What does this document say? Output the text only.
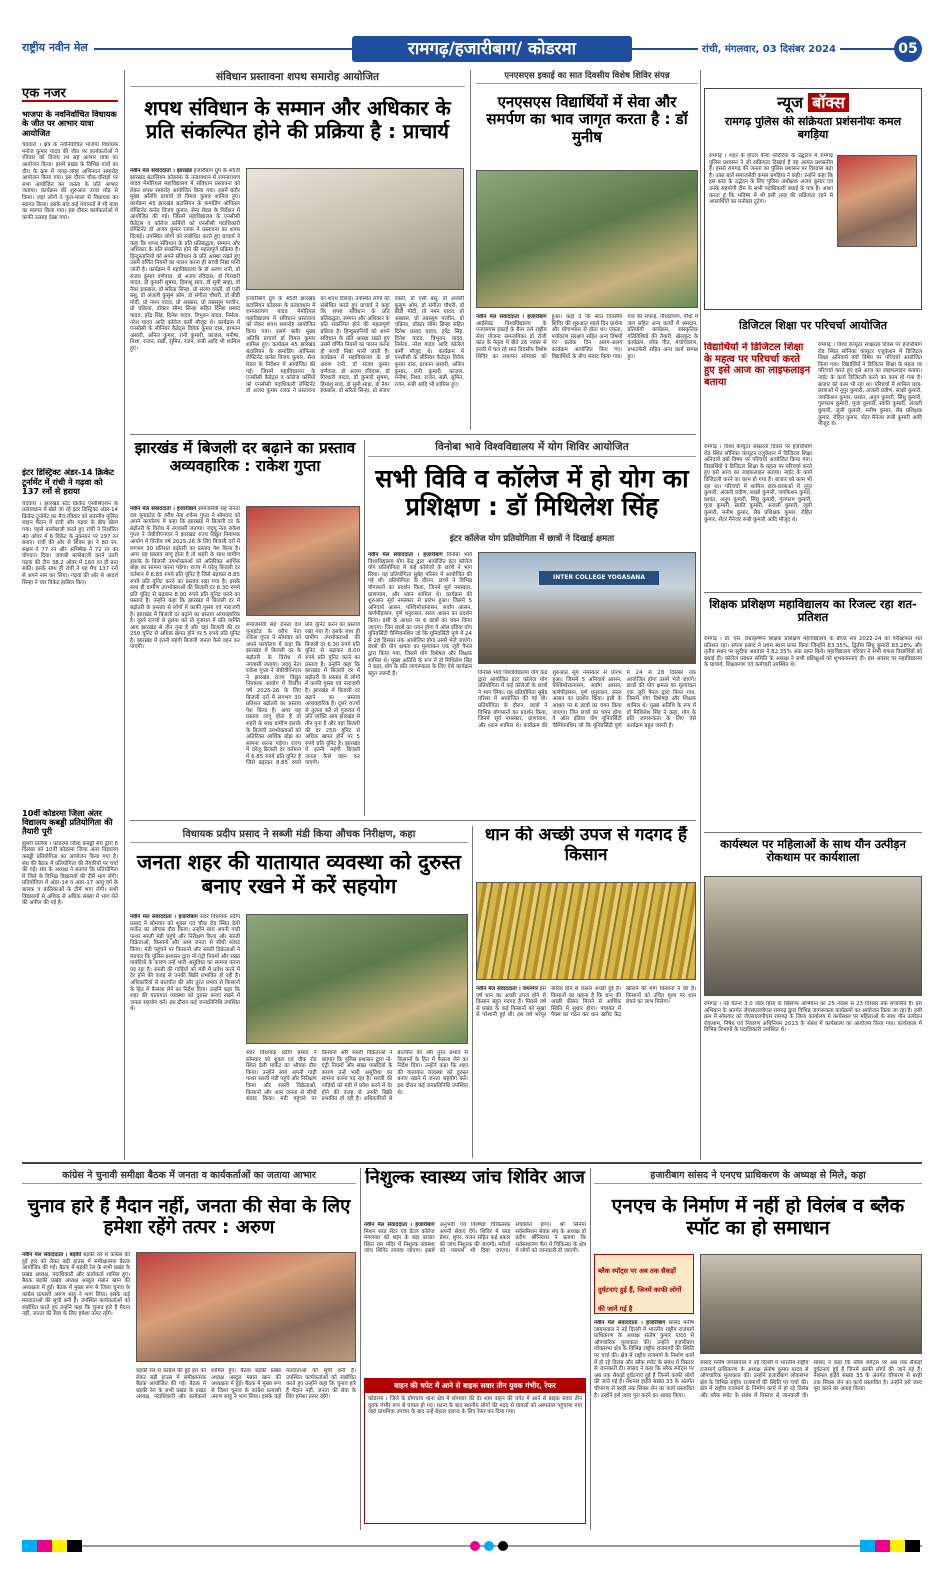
राष्ट्रीय नवीन मेल	रामगढ़/हजारीबाग/ कोडरमा	रांची, मंगलवार, 03 दिसंबर 2024	05
एक नजर
भाजपा के नवनिर्वाचित विधायक के जीत पर आभार यात्रा आयोजित
चंदवारा । क्षेत्र के नवनिर्वाचित भाजपा विधायक मनोज कुमार यादव की जीत पर कार्यकर्ताओं ने रविवार को विजय रथ सह आभार यात्रा का आयोजन किया। इसमें प्रखंड के विभिन्न गांवों का दौरा के क्रम में जगह-जगह अभिनंदन समारोह आयोजन किया गया। इस दौरान चौक-चौराहों पर सभा आयोजित कर जनता के प्रति आभार जताया। कार्यक्रम की शुरुआत उरवां मोड़ से किया। जहां लोगों ने फूल-माला से विधायक का स्वागत किया। इसके बाद कई पंचायतों में भी यात्रा का स्वागत किया गया। इस दौरान कार्यकर्ताओं में काफी उत्साह देखा गया।
इंटर डिस्ट्रिक्ट अंडर-14 क्रिकेट टूर्नामेंट में रांची ने गढ़वा को 137 रनों से हराया
चंदवारा । झारखंड स्टेट क्रिकेट एसोसिएशन के तत्वावधान में खेले जा रहे इंटर डिस्ट्रिक्ट अंडर-14 क्रिकेट टूर्नामेंट का मैच रविवार को सवानीय पुलिस लाइन मैदान में रांची और गढ़वा के बीच खेला गया। पहले बल्लेबाजी करते हुए रांची ने निर्धारित 40 ओवर में 6 विकेट के नुकसान पर 297 रन बनाए। रांची की ओर से शिवम झा ने 80 रन, सक्षम ने 77 रन और अभिषेक ने 72 रन का योगदान दिया। जवाबी बल्लेबाजी करने उतरी गढ़वा की टीम 38.2 ओवर में 160 रन ही बना सकी। इसके साथ ही रांची ने यह मैच 137 रनों से अपने नाम कर लिया। गढ़वा की ओर से आदर्श सिन्हा ने चार विकेट हासिल किए।
10वीं कोडरमा जिला अंतर विद्यालय कबड्डी प्रतियोगिता की तैयारी पूरी
झुमरी तिलैया । कोडरमा जिला कबड्डी संघ द्वारा 6 दिसंबर को 10वीं कोडरमा जिला अंतर विद्यालय कबड्डी प्रतियोगिता का आयोजन किया गया है। संघ की बैठक में प्रतियोगिता की तैयारियों पर चर्चा की गई। संघ के अध्यक्ष ने बताया कि प्रतियोगिता में जिले के विभिन्न विद्यालयों की टीमें भाग लेंगी। प्रतियोगिता में अंडर-14 व अंडर-17 आयु वर्ग के बालक व बालिकाओं के टीमें भाग लेंगी। सभी विद्यालयों से अधिक से अधिक संख्या में भाग लेने की अपील की गई है।
संविधान प्रस्तावना शपथ समारोह आयोजित
शपथ संविधान के सम्मान और अधिकार के प्रति संकल्पित होने की प्रक्रिया है : प्राचार्य
नवीन मेल संवाददाता । झारखंड हजारीबाग ग्रुप के 45वीं झारखंड बटालियन कोडरमा के तत्वावधान में रामनारायण यादव मेमोरियल महाविद्यालय में संविधान प्रस्तावना को लेकर शपथ समारोह आयोजित किया गया। इसमें बतौर मुख्य अतिथि प्राचार्य डॉ विमल कुमार शामिल हुए। कार्यक्रम 45 झारखंड बटालियन के कमांडिंग ऑफिसर लेफ्टिनेंट कर्नल विजय कुमार, सेना मेडल के निर्देशन में आयोजित की गई। जिसमें महाविद्यालय के एनसीसी कैडेट्स व कॉलेज कर्मियों को एनसीसी पदाधिकारी लेफ्टिनेंट डॉ अजय कुमार रजक ने प्रस्तावना का शपथ दिलाई। उपस्थित लोगों को संबोधित करते हुए प्राचार्य ने कहा कि शपथ संविधान के प्रति प्रतिबद्धता, सम्मान और अधिकार के प्रति संकल्पित होने की महत्वपूर्ण प्रक्रिया है। हिन्दुस्तानियों को अपने संविधान के प्रति आस्था रखते हुए उसमें वर्णित नियमों का पालन करना ही सच्ची निष्ठा मानी जाती है। कार्यक्रम में महाविद्यालय के डॉ अरुण रानी, डॉ संजय कुमार वर्णवाल, डॉ अजय रविदास, डॉ गिरधारी यादव, डॉ कुमारी सुषमा, हिमांशु साव, डॉ सुमी साहा, डॉ नैयर इकबाल, डॉ सरिता सिन्हा, प्रो संजय वक्ती, डॉ एसी बसु, डॉ अंजली कुसुम ओम, डॉ संगीता चौधरी, डॉ बीडी मोदी, प्रो नमन यादव, प्रो अब्बास, प्रो तबस्सुम परवीन, प्रो चक्रिया, डॉक्टर सीमा सिन्हा सहित दिनेश प्रसाद यादव, हरेंद्र सिंह, दिनेश यादव, त्रिभुवन यादव, निर्मला, नरेश यादव आदि कॉलेज कर्मी मौजूद थे। कार्यक्रम में एनसीसी के सीनियर कैडेट्स विवेक कुमार दास, इरफान अंसारी, अनिल कुमार, रानी कुमारी, काजल, मनीषा, निशा, राजन, सन्नी, सुमित, रंजन, रूबी आदि भी शामिल हुए।
हजारीबाग ग्रुप के 45वीं झारखंड बटालियन कोडरमा के तत्वावधान में रामनारायण यादव मेमोरियल महाविद्यालय में संविधान प्रस्तावना को लेकर शपथ समारोह आयोजित किया गया। इसमें बतौर मुख्य अतिथि प्राचार्य डॉ विमल कुमार शामिल हुए। कार्यक्रम 45 झारखंड बटालियन के कमांडिंग ऑफिसर लेफ्टिनेंट कर्नल विजय कुमार, सेना मेडल के निर्देशन में आयोजित की गई। जिसमें महाविद्यालय के एनसीसी कैडेट्स व कॉलेज कर्मियों को एनसीसी पदाधिकारी लेफ्टिनेंट डॉ अजय कुमार रजक ने प्रस्तावना का शपथ दिलाई। उपस्थित लोगों को संबोधित करते हुए प्राचार्य ने कहा कि शपथ संविधान के प्रति प्रतिबद्धता, सम्मान और अधिकार के प्रति संकल्पित होने की महत्वपूर्ण प्रक्रिया है। हिन्दुस्तानियों को अपने संविधान के प्रति आस्था रखते हुए उसमें वर्णित नियमों का पालन करना ही सच्ची निष्ठा मानी जाती है। कार्यक्रम में महाविद्यालय के डॉ अरुण रानी, डॉ संजय कुमार वर्णवाल, डॉ अजय रविदास, डॉ गिरधारी यादव, डॉ कुमारी सुषमा, हिमांशु साव, डॉ सुमी साहा, डॉ नैयर इकबाल, डॉ सरिता सिन्हा, प्रो संजय वक्ती, डॉ एसी बसु, डॉ अंजली कुसुम ओम, डॉ संगीता चौधरी, डॉ बीडी मोदी, प्रो नमन यादव, प्रो अब्बास, प्रो तबस्सुम परवीन, प्रो चक्रिया, डॉक्टर सीमा सिन्हा सहित दिनेश प्रसाद यादव, हरेंद्र सिंह, दिनेश यादव, त्रिभुवन यादव, निर्मला, नरेश यादव आदि कॉलेज कर्मी मौजूद थे। कार्यक्रम में एनसीसी के सीनियर कैडेट्स विवेक कुमार दास, इरफान अंसारी, अनिल कुमार, रानी कुमारी, काजल, मनीषा, निशा, राजन, सन्नी, सुमित, रंजन, रूबी आदि भी शामिल हुए।
एनएसएस इकाई का सात दिवसीय विशेष शिविर संपन्न
एनएसएस विद्यार्थियों में सेवा और समर्पण का भाव जागृत करता है : डॉ मुनीष
नवीन मेल संवाददाता । हजारीबाग आईसेक्ट विश्वविद्यालय के एनएसएस इकाई के बैनर तले राष्ट्रीय सेवा योजना समन्वयिका डॉ रोजी कांत के नेतृत्व में बीते 26 नवंबर से हरली में चल रहे सात दिवसीय विशेष शिविर का समापन सोमवार को हुआ। कहा दें कि सात दिवसीय शिविर की शुरुआत पहले दिन प्रार्थना और योगाभ्यास से होता था। एकता, पर्यावरण संरक्षण सहित अन्य विषयों पर प्रत्येक दिन अलग-अलग कार्यक्रम आयोजित किए गए। विद्यार्थियों के बीच संवाद किया गया। गांव की सफाई, पौधारोपण, पौधों में जल सहित अन्य कार्यों में श्रमदान, प्रतियोगी कार्यक्रम, सांस्कृतिक गतिविधियों की तैयारी, खेलकूद के कार्यक्रम, लोक गीत, मंचोच्चारण, प्रभातफेरी सहित अन्य कार्य सम्पन्न हुए।
न्यूज बॉक्स
रामगढ़ पुलिस की सक्रियता प्रशंसनीयः कमल बगड़िया
रामगढ़ । शहर के होटल वेन्या प्लेटेरिया के उद्घाटन में रामगढ़ पुलिस प्रशासन ने जो सक्रियता दिखाई है वह अत्यंत प्रशंसनीय है। इससे रामगढ़ की जनता का पुलिस प्रशासन पर विश्वास बढ़ा है। उक्त बातें समाजसेवी कमल बगड़िया ने कही। उन्होंने कहा कि इस कांड के उद्भेदन के लिए पुलिस अधीक्षक अजय कुमार एवं उनके सहयोगी टीम के सभी पदाधिकारी बधाई के पात्र हैं। आशा करता हूं कि भविष्य में भी इसी तरह की सक्रियता रहने से अपराधियों का मनोबल टूटेगा।
डिजिटल शिक्षा पर परिचर्चा आयोजित
विद्यार्थियों ने डिजिटल शिक्षा के महत्व पर परिचर्चा करते हुए इसे आज का लाइफलाइन बताया
रामगढ़ । विश्व कंप्यूटर साक्षरता दिवस पर हजारीबाग रोड स्थित सोनिका कंप्यूटर एजुकेशन में डिजिटल शिक्षा अनिवार्य क्यों विषय पर परिचर्चा आयोजित किया गया। विद्यार्थियों ने डिजिटल शिक्षा के महत्व पर परिचर्चा करते हुए इसे आज का लाइफलाइन बताया। नाईट के कार्य डिजिटली करने का काम हो गया है। बाजार को काम भी रहा था। परिचर्चा में शामिल छात्र-छात्राओं में नूपुर कुमारी, अंजली प्रवीण, साक्षी कुमारी, जयकिशन कुमार, प्रशांत, अनूप कुमारी, सिंधु कुमारी, गुलफाम कुमारी, पूजा कुमारी, स्वाति कुमारी, अंजली कुमारी, जूली कुमारी, मनीष कुमार, लैब प्रशिक्षक कुमार, रोहित कुमार, सेंटर मैनेजर रूबी कुमारी आदि मौजूद थे।
रामगढ़ । विश्व कंप्यूटर साक्षरता दिवस पर हजारीबाग रोड स्थित सोनिका कंप्यूटर एजुकेशन में डिजिटल शिक्षा अनिवार्य क्यों विषय पर परिचर्चा आयोजित किया गया। विद्यार्थियों ने डिजिटल शिक्षा के महत्व पर परिचर्चा करते हुए इसे आज का लाइफलाइन बताया। नाईट के कार्य डिजिटली करने का काम हो गया है। बाजार को काम भी रहा था। परिचर्चा में शामिल छात्र-छात्राओं में नूपुर कुमारी, अंजली प्रवीण, साक्षी कुमारी, जयकिशन कुमार, प्रशांत, अनूप कुमारी, सिंधु कुमारी, गुलफाम कुमारी, पूजा कुमारी, स्वाति कुमारी, अंजली कुमारी, जूली कुमारी, मनीष कुमार, लैब प्रशिक्षक कुमार, रोहित कुमार, सेंटर मैनेजर रूबी कुमारी आदि मौजूद थे।
शिक्षक प्रशिक्षण महाविद्यालय का रिजल्ट रहा शत-प्रतिशत
रामगढ़ । डॉ. एस. राधाकृष्णन शिक्षक प्रशिक्षण महाविद्यालय के बीएड सत्र 2022-24 का परीक्षाफल शत प्रतिशत रहा। सपना प्रसाद ने प्रथम स्थान प्राप्त किया जिन्होंने 83.35%, द्वितीय सिंधु कुमारी 83.28% और तृतीय स्थान पर सुदीपा अग्रवाल ने 82.35% अंक प्राप्त किये। महाविद्यालय परिवार ने सभी सफल विद्यार्थियों को बधाई दी। कॉलेज प्रबंधन समिति के अध्यक्ष ने सभी प्रशिक्षुओं को शुभकामनाएं दी। इस अवसर पर महाविद्यालय के प्राचार्य, शिक्षकगण एवं कर्मचारी उपस्थित थे।
कार्यस्थल पर महिलाओं के साथ यौन उत्पीड़न रोकथाम पर कार्यशाला
रामगढ़ । नई चेतना 3.0 जेंडर हिंसा के खिलाफ अभियान का 25 नवंबर से 23 दिसंबर तक संचालित है। इस अभियान के अंतर्गत जेएसएलपीएस रामगढ़ द्वारा विभिन्न जागरूकता कार्यक्रमों का आयोजन किया जा रहा है। इसी क्रम में सोमवार को जेएसएलपीएस रामगढ़ के जिला कार्यालय में कार्यस्थल पर महिलाओं के साथ यौन उत्पीड़न रोकथाम, निषेध एवं निवारण अधिनियम 2013 के संबंध में कार्यशाला का आयोजन किया गया। कार्यशाला में विभिन्न विभागों के पदाधिकारी उपस्थित थे।
झारखंड में बिजली दर बढ़ाने का प्रस्ताव अव्यवहारिक : राकेश गुप्ता
नवीन मेल संवाददाता । हजारीबाग समाजसेवी सह जनता दल यूनाइटेड के वरीय नेता राकेश गुप्ता ने सोमवार को अपने कार्यालय में कहा कि झारखंड में बिजली दर के बढ़ोतरी के विरोध में नगवासी जताया। जदयू नेता राकेश गुप्ता ने जेबीवीएनएल ने झारखंड राज्य विद्युत नियामक आयोग में वित्तीय वर्ष 2025-26 के लिए बिजली दरों में लगभग 30 प्रतिशत बढ़ोतरी का प्रस्ताव पेश किया है। अगर यह प्रस्ताव लागू होता है तो शहरी के साथ ग्रामीण इलाके के बिजली उपभोक्ताओं को अतिरिक्त आर्थिक बोझ का सामना करना पड़ेगा। राज्य में घरेलू बिजली दर वर्तमान में 6.85 रुपये प्रति यूनिट है जिसे बढ़ाकर 8.85 रुपये प्रति यूनिट करने का प्रस्ताव रखा गया है। इसके साथ ही ग्रामीण उपभोक्ताओं की बिजली दर 6.30 रुपये प्रति यूनिट से बढ़ाकर 8.00 रुपये प्रति यूनिट करने का प्रस्ताव है। उन्होंने कहा कि झारखंड में बिजली दर में बढ़ोतरी के प्रस्ताव से लोगों में काफी गुस्सा एवं नाराजगी है। झारखंड में बिजली दर बढ़ाने का प्रस्ताव अव्यवहारिक है। दूसरे राज्यों से तुलना करें तो गुजरात में प्रति व्यक्ति आय झारखंड से तीन गुना है और वहां बिजली की दर 250 यूनिट से अधिक खपत होने पर 5 रुपये प्रति यूनिट है। झारखंड में इतनी महंगी बिजली जनता कैसे वहन कर पाएगी।
समाजसेवी सह जनता दल यूनाइटेड के वरीय नेता राकेश गुप्ता ने सोमवार को अपने कार्यालय में कहा कि झारखंड में बिजली दर के बढ़ोतरी के विरोध में नगवासी जताया। जदयू नेता राकेश गुप्ता ने जेबीवीएनएल ने झारखंड राज्य विद्युत नियामक आयोग में वित्तीय वर्ष 2025-26 के लिए बिजली दरों में लगभग 30 प्रतिशत बढ़ोतरी का प्रस्ताव पेश किया है। अगर यह प्रस्ताव लागू होता है तो शहरी के साथ ग्रामीण इलाके के बिजली उपभोक्ताओं को अतिरिक्त आर्थिक बोझ का सामना करना पड़ेगा। राज्य में घरेलू बिजली दर वर्तमान में 6.85 रुपये प्रति यूनिट है जिसे बढ़ाकर 8.85 रुपये प्रति यूनिट करने का प्रस्ताव रखा गया है। इसके साथ ही ग्रामीण उपभोक्ताओं की बिजली दर 6.30 रुपये प्रति यूनिट से बढ़ाकर 8.00 रुपये प्रति यूनिट करने का प्रस्ताव है। उन्होंने कहा कि झारखंड में बिजली दर में बढ़ोतरी के प्रस्ताव से लोगों में काफी गुस्सा एवं नाराजगी है। झारखंड में बिजली दर बढ़ाने का प्रस्ताव अव्यवहारिक है। दूसरे राज्यों से तुलना करें तो गुजरात में प्रति व्यक्ति आय झारखंड से तीन गुना है और वहां बिजली की दर 250 यूनिट से अधिक खपत होने पर 5 रुपये प्रति यूनिट है। झारखंड में इतनी महंगी बिजली जनता कैसे वहन कर पाएगी।
विनोबा भावे विश्वविद्यालय में योग शिविर आयोजित
सभी विवि व कॉलेज में हो योग का प्रशिक्षण : डॉ मिथिलेश सिंह
इंटर कॉलेज योग प्रतियोगिता में छात्रों ने दिखाई क्षमता
नवीन मेल संवाददाता । हजारीबाग विनोबा भावे विश्वविद्यालय योग केंद्र द्वारा आयोजित इंटर कॉलेज योग प्रतियोगिता में कई कॉलेजों के छात्रों ने भाग लिया। यह प्रतियोगिता सुबेह परिसर में आयोजित की गई थी। प्रतियोगिता के दौरान, छात्रों ने विभिन्न योगासनों का प्रदर्शन किया, जिनमें सूर्य नमस्कार, प्राणायाम, और ध्यान शामिल थे। कार्यक्रम की शुरुआत सूर्य नमस्कार से प्रारंभ हुआ। जिसमें 5 अनिवार्य आसन, पश्चिमोत्तानासन, सर्वांग आसन, कर्णपीड़ासन, पूर्ण धनुरासन, सरल आसन का प्रदर्शन किया। इसी के आधार पर 6 छात्रों का चयन किया जाएगा। जिन छात्रों का चयन होगा वे ऑल इंडिया योग यूनिवर्सिटी चैम्पियनशिप जो कि यूनिवर्सिटी पुणे में 24 से 28 दिसंबर तक आयोजित होगा उसमें भेजे जाएंगे। छात्रों की योग क्षमता का मूल्यांकन एक जूरी पैनल द्वारा किया गया, जिसमें योग विशेषज्ञ और शिक्षक शामिल थे। मुख्य अतिथि के रूप में डॉ मिथिलेश सिंह ने कहा, योग के प्रति जागरूकता के लिए ऐसे कार्यक्रम बहुत जरूरी हैं।
INTER COLLEGE YOGASANA
विनोबा भावे विश्वविद्यालय योग केंद्र द्वारा आयोजित इंटर कॉलेज योग प्रतियोगिता में कई कॉलेजों के छात्रों ने भाग लिया। यह प्रतियोगिता सुबेह परिसर में आयोजित की गई थी। प्रतियोगिता के दौरान, छात्रों ने विभिन्न योगासनों का प्रदर्शन किया, जिनमें सूर्य नमस्कार, प्राणायाम, और ध्यान शामिल थे। कार्यक्रम की शुरुआत सूर्य नमस्कार से प्रारंभ हुआ। जिसमें 5 अनिवार्य आसन, पश्चिमोत्तानासन, सर्वांग आसन, कर्णपीड़ासन, पूर्ण धनुरासन, सरल आसन का प्रदर्शन किया। इसी के आधार पर 6 छात्रों का चयन किया जाएगा। जिन छात्रों का चयन होगा वे ऑल इंडिया योग यूनिवर्सिटी चैम्पियनशिप जो कि यूनिवर्सिटी पुणे में 24 से 28 दिसंबर तक आयोजित होगा उसमें भेजे जाएंगे। छात्रों की योग क्षमता का मूल्यांकन एक जूरी पैनल द्वारा किया गया, जिसमें योग विशेषज्ञ और शिक्षक शामिल थे। मुख्य अतिथि के रूप में डॉ मिथिलेश सिंह ने कहा, योग के प्रति जागरूकता के लिए ऐसे कार्यक्रम बहुत जरूरी हैं।
विधायक प्रदीप प्रसाद ने सब्जी मंडी किया औचक निरीक्षण, कहा
जनता शहर की यातायात व्यवस्था को दुरुस्त बनाए रखने में करें सहयोग
नवीन मेल संवाददाता । हजारीबाग सदर विधायक प्रदीप प्रसाद ने सोमवार को शुक्ल एवं चौक रोड स्थित डेली मार्केट का औचक दौरा किया। उन्होंने स्वयं अपनी गाड़ी पत्थर सब्जी मंडी पहुंचे और निरीक्षण किया और सब्जी विक्रेताओं, किसानों और आम जनता से सीधी संवाद किया। मंडी पहुंचने पर किसानों और सब्जी विक्रेताओं ने ब्यापार कि पुलिस प्रशासन द्वारा नो-एंट्री नियमों और सख्त पाबंदियों के कारण उन्हें भारी असुविधा का सामना करना पड़ रहा है। सब्जी की गाड़ियों को मंडी में प्रवेश करने में देर होने की वजह से उनकी बिक्री प्रभावित हो रही है। अधिकारियों से बातचीत की और तुरंत प्रभाव से किसानों के हित में फैसला लेने का निर्देश दिया। उन्होंने कहा कि शहर की यातायात व्यवस्था को दुरुस्त बनाए रखने में जनता सहयोग करें। इस दौरान कई जनप्रतिनिधि उपस्थित थे।
सदर विधायक प्रदीप प्रसाद ने सोमवार को शुक्ल एवं चौक रोड स्थित डेली मार्केट का औचक दौरा किया। उन्होंने स्वयं अपनी गाड़ी पत्थर सब्जी मंडी पहुंचे और निरीक्षण किया और सब्जी विक्रेताओं, किसानों और आम जनता से सीधी संवाद किया। मंडी पहुंचने पर किसानों और सब्जी विक्रेताओं ने ब्यापार कि पुलिस प्रशासन द्वारा नो-एंट्री नियमों और सख्त पाबंदियों के कारण उन्हें भारी असुविधा का सामना करना पड़ रहा है। सब्जी की गाड़ियों को मंडी में प्रवेश करने में देर होने की वजह से उनकी बिक्री प्रभावित हो रही है। अधिकारियों से बातचीत की और तुरंत प्रभाव से किसानों के हित में फैसला लेने का निर्देश दिया। उन्होंने कहा कि शहर की यातायात व्यवस्था को दुरुस्त बनाए रखने में जनता सहयोग करें। इस दौरान कई जनप्रतिनिधि उपस्थित थे।
धान की अच्छी उपज से गदगद हैं किसान
नवीन मेल संवाददाता । जयनगर इस वर्ष धान का अच्छी उपज होने से किसान बहुत गदगद हैं। पिछले वर्ष से प्रखंड के कई किसानों को सूखा से परेशानी हुई थी। इस वर्ष भरपूर बारिश होने से फसल अच्छी हुई है। किसानों का कहना है कि धान की अच्छी कीमत मिलने से आर्थिक स्थिति में सुधार होगा। पंचायत में पैक्स का गठन कर धान खरीद केंद्र खोलने की मांग किसानों ने की है। किसानों को उचित मूल्य पर धान बेचने का लाभ मिलेगा।
कांग्रेस ने चुनावी समीक्षा बैठक में जनता व कार्यकर्ताओं का जताया आभार
चुनाव हारे हैं मैदान नहीं, जनता की सेवा के लिए हमेशा रहेंगे तत्पर : अरुण
नवीन मेल संवाददाता । बड़की बड़की रेल से कांग्रेस की हुई हार को लेकर बड़ी हाउस में समीक्षात्मक बैठक आयोजित की गई। बैठक में बड़की रेल के सभी प्रखंड के प्रखंड अध्यक्ष, पदाधिकारी और कार्यकर्ता शामिल हुए। बैठक बड़की प्रखंड अध्यक्ष अब्दुल मन्नान खान की अध्यक्षता में हुई। बैठक में मुख्य रूप से जिला चुनाव के कांग्रेस प्रत्याशी अरुण साहू ने भाग लिया। इसके कई मतदाताओं की सूची बनी है। उपस्थित कार्यकर्ताओं को संबोधित करते हुए उन्होंने कहा कि चुनाव हारे हैं मैदान नहीं, जनता की सेवा के लिए हमेशा तत्पर रहेंगे।
बड़की रेल से कांग्रेस की हुई हार को लेकर बड़ी हाउस में समीक्षात्मक बैठक आयोजित की गई। बैठक में बड़की रेल के सभी प्रखंड के प्रखंड अध्यक्ष, पदाधिकारी और कार्यकर्ता शामिल हुए। बैठक बड़की प्रखंड अध्यक्ष अब्दुल मन्नान खान की अध्यक्षता में हुई। बैठक में मुख्य रूप से जिला चुनाव के कांग्रेस प्रत्याशी अरुण साहू ने भाग लिया। इसके कई मतदाताओं की सूची बनी है। उपस्थित कार्यकर्ताओं को संबोधित करते हुए उन्होंने कहा कि चुनाव हारे हैं मैदान नहीं, जनता की सेवा के लिए हमेशा तत्पर रहेंगे।
निशुल्क स्वास्थ्य जांच शिविर आज
नवीन मेल संवाददाता । हजारीबाग मिशन ब्लड सेंटर एवं डेंटल कॉलेज मंगलवार को शहर के बड़ा बाजार स्थित राम मंदिर में निशुल्क स्वास्थ्य जांच शिविर लगाया जाएगा। इसमें अनुभवी एवं विशेषज्ञ चिकित्सक अपनी सेवाएं देंगे। शिविर में ब्लड प्रेशर, शुगर, वजन सहित कई प्रकार की जांच निशुल्क की जाएगी। मरीजों को परामर्श भी दिया जाएगा। संचालित होगा। श्री सिनेमा सर्वसमिशन सेवक संघ के अध्यक्ष डॉ प्रदीप श्रीनिवास ने बताया कि सर्वसाधारण कैंप में चिकित्सा के क्षेत्र में लोगों को जानकारी दी जाएगी।
वाहन की चपेट में आने से बाइक सवार तीन युवक गंभीर, रेफर
कोडरमा । जिले के डोमचांच थाना क्षेत्र में सोमवार की देर शाम वाहन की चपेट में आने से बाइक सवार तीन युवक गंभीर रूप से घायल हो गए। घटना के बाद स्थानीय लोगों की मदद से घायलों को अस्पताल पहुंचाया गया जहां प्राथमिक उपचार के बाद उन्हें बेहतर इलाज के लिए रेफर कर दिया गया।
हजारीबाग सांसद ने एनएच प्राधिकरण के अध्यक्ष से मिले, कहा
एनएच के निर्माण में नहीं हो विलंब व ब्लैक स्पॉट का हो समाधान
ब्लैक स्पॉट्स पर अब तक सैकड़ों दुर्घटनाएं हुई हैं, जिनमें काफी लोगों की जानें गई है
नवीन मेल संवाददाता । हजारीबाग सांसद मनीष जायसवाल ने नई दिल्ली में भारतीय राष्ट्रीय राजमार्ग प्राधिकरण के अध्यक्ष संतोष कुमार यादव से औपचारिक मुलाकात की। उन्होंने हजारीबाग लोकसभा क्षेत्र के विभिन्न राष्ट्रीय राजमार्गों की स्थिति पर चर्चा की। क्षेत्र में राष्ट्रीय राजमार्ग के निर्माण कार्य में हो रहे विलंब और ब्लैक स्पॉट के संबंध में विस्तार से जानकारी दी। सांसद ने कहा कि ब्लैक स्पॉट्स पर अब तक सैकड़ों दुर्घटनाएं हुई हैं जिनमें काफी लोगों की जानें गई हैं। नेशनल हाईवे संख्या 33 के अंतर्गत चौपारण से बरही तक सिक्स लेन का कार्य प्रस्तावित है। उन्होंने इसे जल्द पूरा करने का आग्रह किया।
सांसद मनीष जायसवाल ने नई दिल्ली में भारतीय राष्ट्रीय राजमार्ग प्राधिकरण के अध्यक्ष संतोष कुमार यादव से औपचारिक मुलाकात की। उन्होंने हजारीबाग लोकसभा क्षेत्र के विभिन्न राष्ट्रीय राजमार्गों की स्थिति पर चर्चा की। क्षेत्र में राष्ट्रीय राजमार्ग के निर्माण कार्य में हो रहे विलंब और ब्लैक स्पॉट के संबंध में विस्तार से जानकारी दी। सांसद ने कहा कि ब्लैक स्पॉट्स पर अब तक सैकड़ों दुर्घटनाएं हुई हैं जिनमें काफी लोगों की जानें गई हैं। नेशनल हाईवे संख्या 33 के अंतर्गत चौपारण से बरही तक सिक्स लेन का कार्य प्रस्तावित है। उन्होंने इसे जल्द पूरा करने का आग्रह किया।
